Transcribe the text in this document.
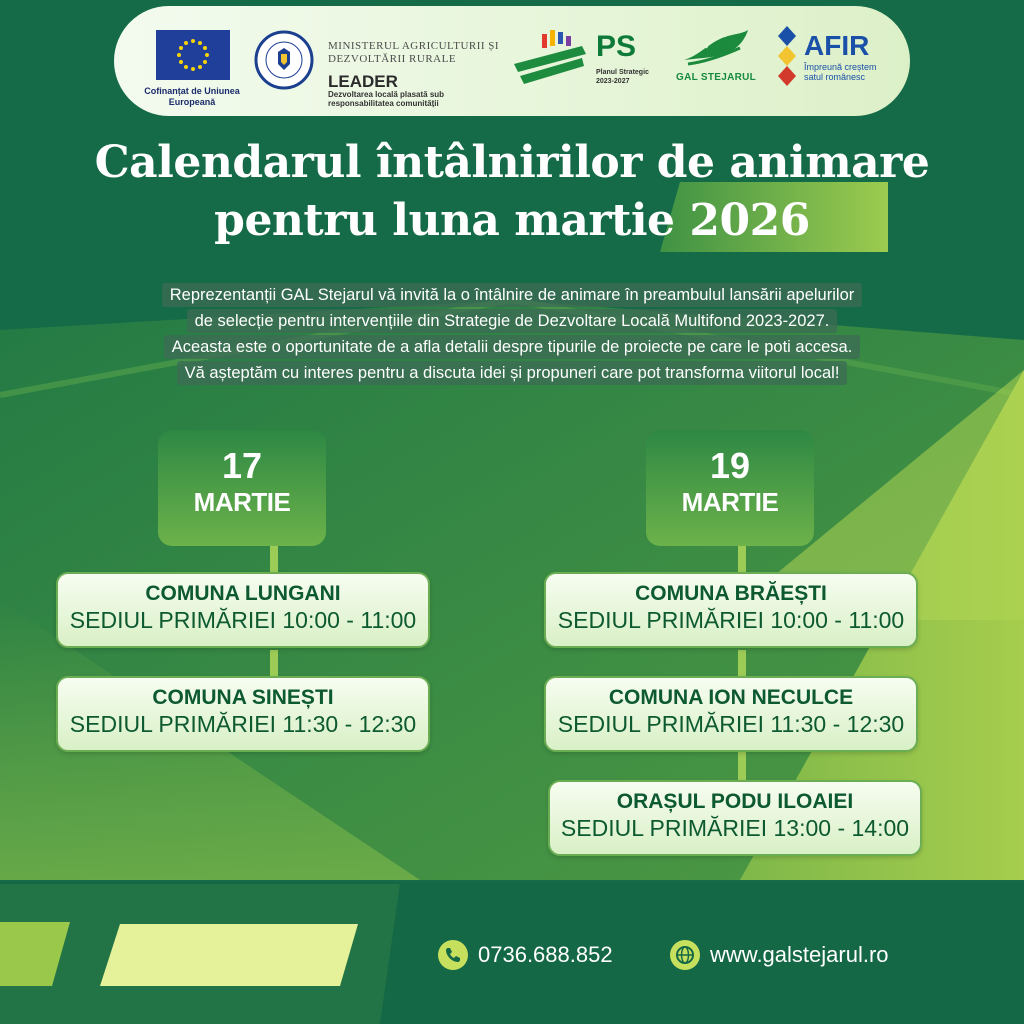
Cofinanțat de Uniunea Europeană
MINISTERUL AGRICULTURII ȘI DEZVOLTĂRII RURALE
LEADER
Dezvoltarea locală plasată sub responsabilitatea comunității
PS
Planul Strategic 2023-2027	GAL STEJARUL
AFIR
Împreună creștem satul românesc
Calendarul întâlnirilor de animare
pentru luna martie 2026
Reprezentanții GAL Stejarul vă invită la o întâlnire de animare în preambulul lansării apelurilor
de selecție pentru intervențiile din Strategie de Dezvoltare Locală Multifond 2023-2027.
Aceasta este o oportunitate de a afla detalii despre tipurile de proiecte pe care le poti accesa.
Vă așteptăm cu interes pentru a discuta idei și propuneri care pot transforma viitorul local!
17
MARTIE
19
MARTIE
COMUNA LUNGANI
SEDIUL PRIMĂRIEI 10:00 - 11:00
COMUNA SINEȘTI
SEDIUL PRIMĂRIEI 11:30 - 12:30
COMUNA BRĂEȘTI
SEDIUL PRIMĂRIEI 10:00 - 11:00
COMUNA ION NECULCE
SEDIUL PRIMĂRIEI 11:30 - 12:30
ORAȘUL PODU ILOAIEI
SEDIUL PRIMĂRIEI 13:00 - 14:00
0736.688.852	www.galstejarul.ro
